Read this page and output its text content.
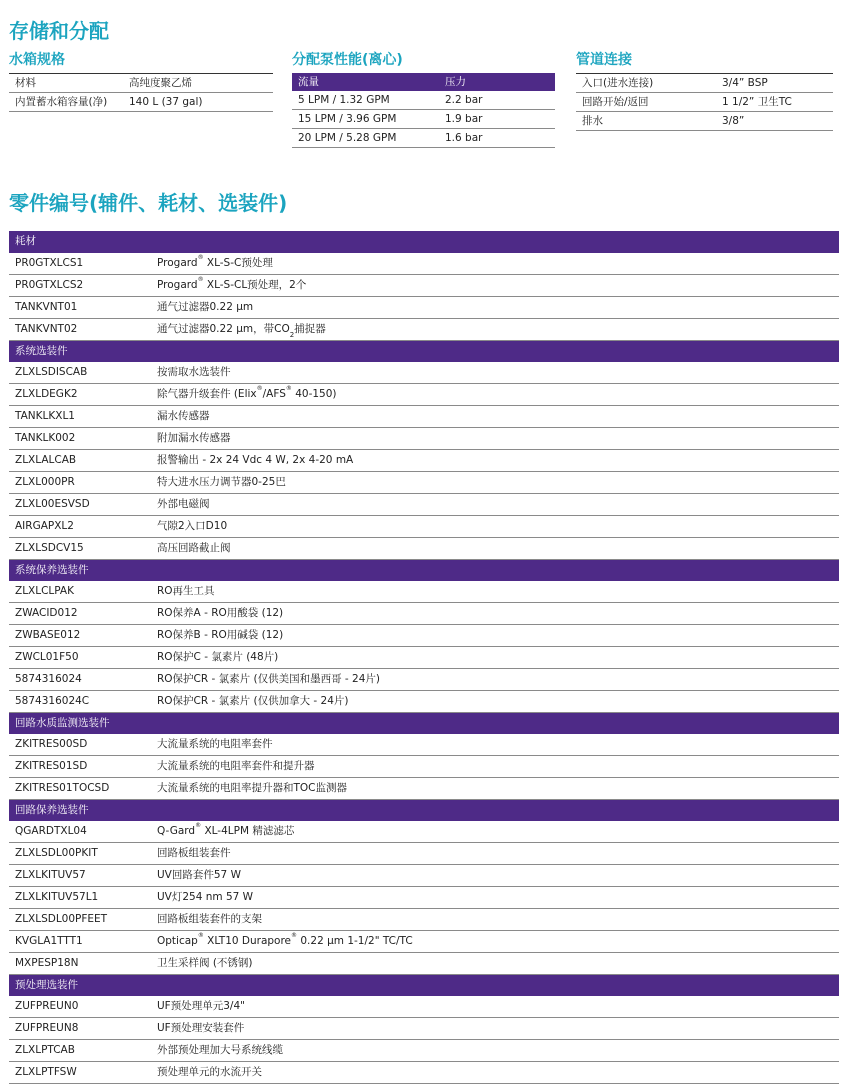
存储和分配
水箱规格
材料	高纯度聚乙烯
内置蓄水箱容量(净)	140 L (37 gal)
分配泵性能(离心)
流量	压力
5 LPM / 1.32 GPM	2.2 bar
15 LPM / 3.96 GPM	1.9 bar
20 LPM / 5.28 GPM	1.6 bar
管道连接
入口(进水连接)	3/4” BSP
回路开始/返回	1 1/2” 卫生TC
排水	3/8”
零件编号(辅件、耗材、选装件)
耗材	
PR0GTXLCS1	Progard® XL-S-C预处理
PR0GTXLCS2	Progard® XL-S-CL预处理，2个
TANKVNT01	通气过滤器0.22 µm
TANKVNT02	通气过滤器0.22 µm，带CO2捕捉器
系统选装件	
ZLXLSDISCAB	按需取水选装件
ZLXLDEGK2	除气器升级套件 (Elix®/AFS® 40-150)
TANKLKXL1	漏水传感器
TANKLK002	附加漏水传感器
ZLXLALCAB	报警输出 - 2x 24 Vdc 4 W, 2x 4-20 mA
ZLXL000PR	特大进水压力调节器0-25巴
ZLXL00ESVSD	外部电磁阀
AIRGAPXL2	气隙2入口D10
ZLXLSDCV15	高压回路截止阀
系统保养选装件	
ZLXLCLPAK	RO再生工具
ZWACID012	RO保养A - RO用酸袋 (12)
ZWBASE012	RO保养B - RO用碱袋 (12)
ZWCL01F50	RO保护C - 氯素片 (48片)
5874316024	RO保护CR - 氯素片 (仅供美国和墨西哥 - 24片)
5874316024C	RO保护CR - 氯素片 (仅供加拿大 - 24片)
回路水质监测选装件	
ZKITRES00SD	大流量系统的电阻率套件
ZKITRES01SD	大流量系统的电阻率套件和提升器
ZKITRES01TOCSD	大流量系统的电阻率提升器和TOC监测器
回路保养选装件	
QGARDTXL04	Q-Gard® XL-4LPM 精滤滤芯
ZLXLSDL00PKIT	回路板组装套件
ZLXLKITUV57	UV回路套件57 W
ZLXLKITUV57L1	UV灯254 nm 57 W
ZLXLSDL00PFEET	回路板组装套件的支架
KVGLA1TTT1	Opticap® XLT10 Durapore® 0.22 µm 1-1/2" TC/TC
MXPESP18N	卫生采样阀 (不锈钢)
预处理选装件	
ZUFPREUN0	UF预处理单元3/4"
ZUFPREUN8	UF预处理安装套件
ZLXLPTCAB	外部预处理加大号系统线缆
ZLXLPTFSW	预处理单元的水流开关
